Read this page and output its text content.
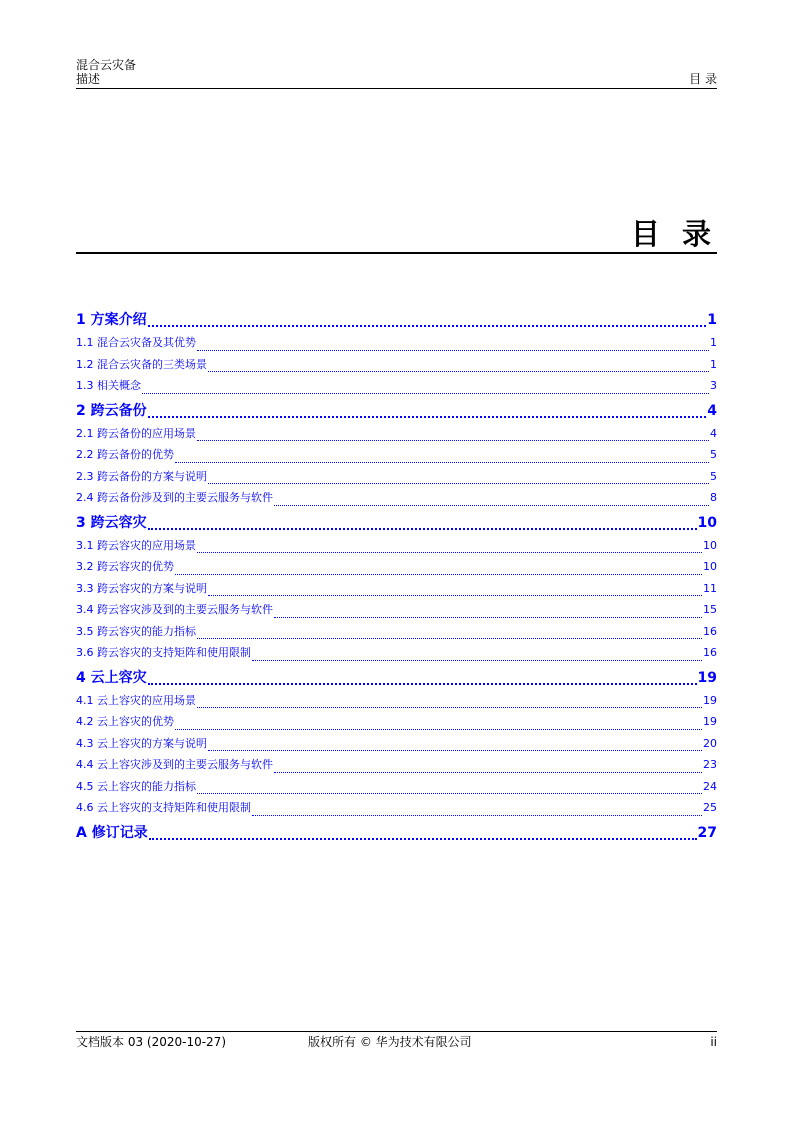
混合云灾备
描述	目 录
目 录
1 方案介绍	1
1.1 混合云灾备及其优势	1
1.2 混合云灾备的三类场景	1
1.3 相关概念	3
2 跨云备份	4
2.1 跨云备份的应用场景	4
2.2 跨云备份的优势	5
2.3 跨云备份的方案与说明	5
2.4 跨云备份涉及到的主要云服务与软件	8
3 跨云容灾	10
3.1 跨云容灾的应用场景	10
3.2 跨云容灾的优势	10
3.3 跨云容灾的方案与说明	11
3.4 跨云容灾涉及到的主要云服务与软件	15
3.5 跨云容灾的能力指标	16
3.6 跨云容灾的支持矩阵和使用限制	16
4 云上容灾	19
4.1 云上容灾的应用场景	19
4.2 云上容灾的优势	19
4.3 云上容灾的方案与说明	20
4.4 云上容灾涉及到的主要云服务与软件	23
4.5 云上容灾的能力指标	24
4.6 云上容灾的支持矩阵和使用限制	25
A 修订记录	27
文档版本 03 (2020-10-27)	版权所有 © 华为技术有限公司	ii
